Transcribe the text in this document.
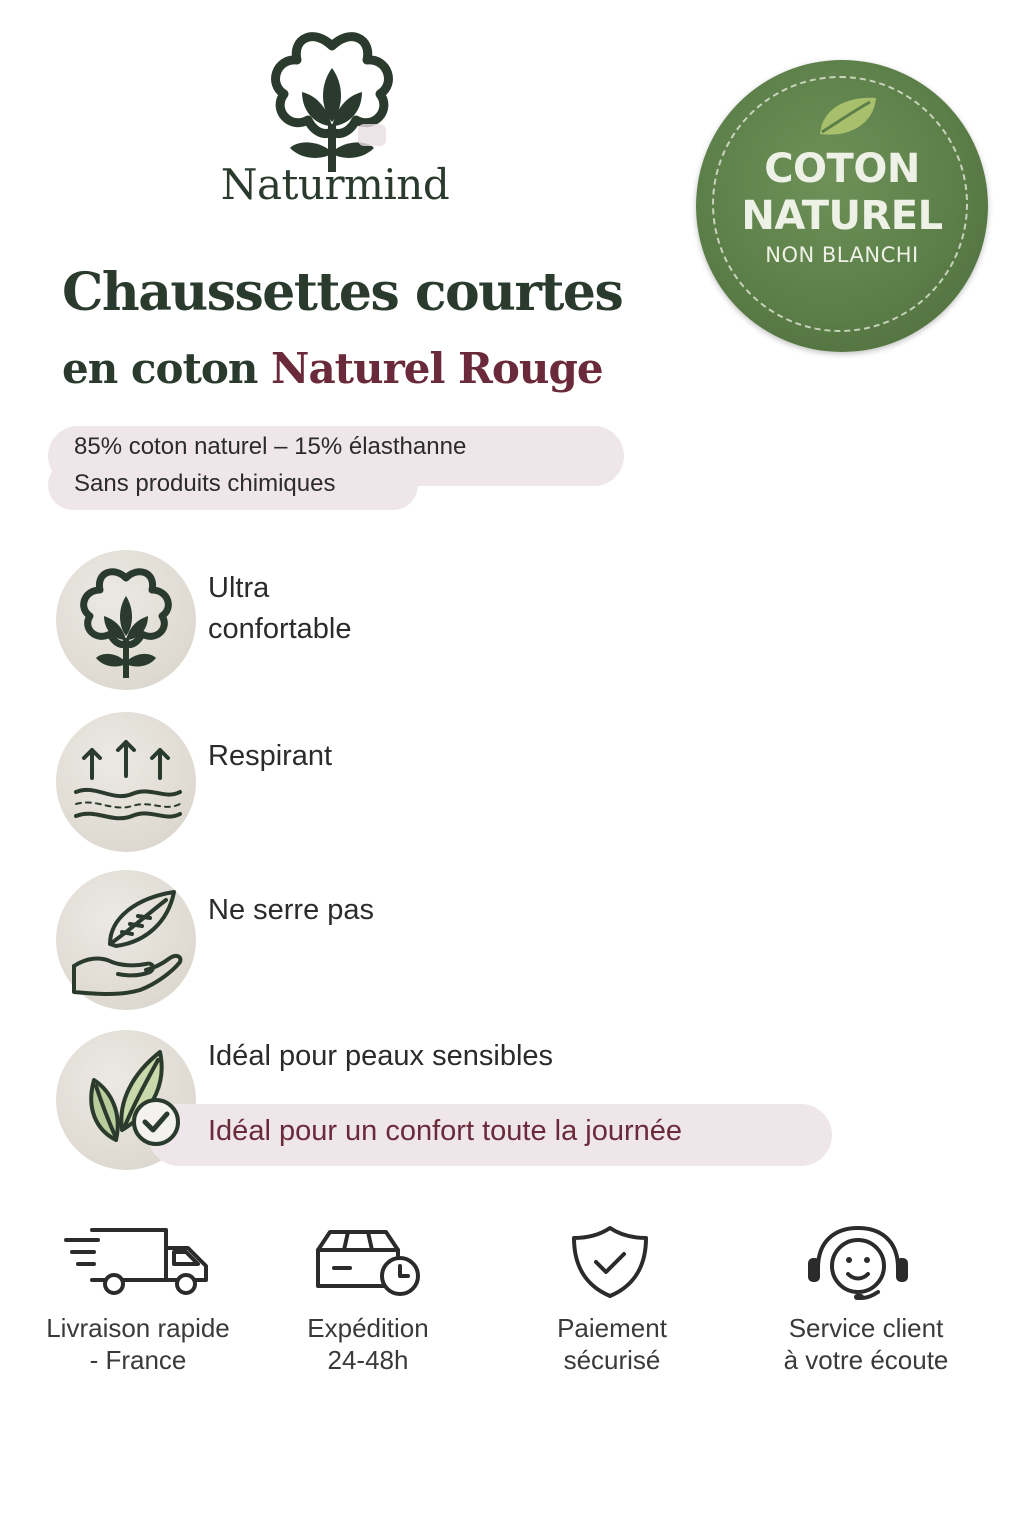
Naturmind	COTON
NATUREL
NON BLANCHI
Chaussettes courtes
en coton Naturel Rouge
85% coton naturel – 15% élasthanne
Sans produits chimiques
Ultra
confortable
Respirant
Ne serre pas
Idéal pour peaux sensibles
Idéal pour un confort toute la journée
Livraison rapide
- France
Expédition
24-48h
Paiement
sécurisé
Service client
à votre écoute
